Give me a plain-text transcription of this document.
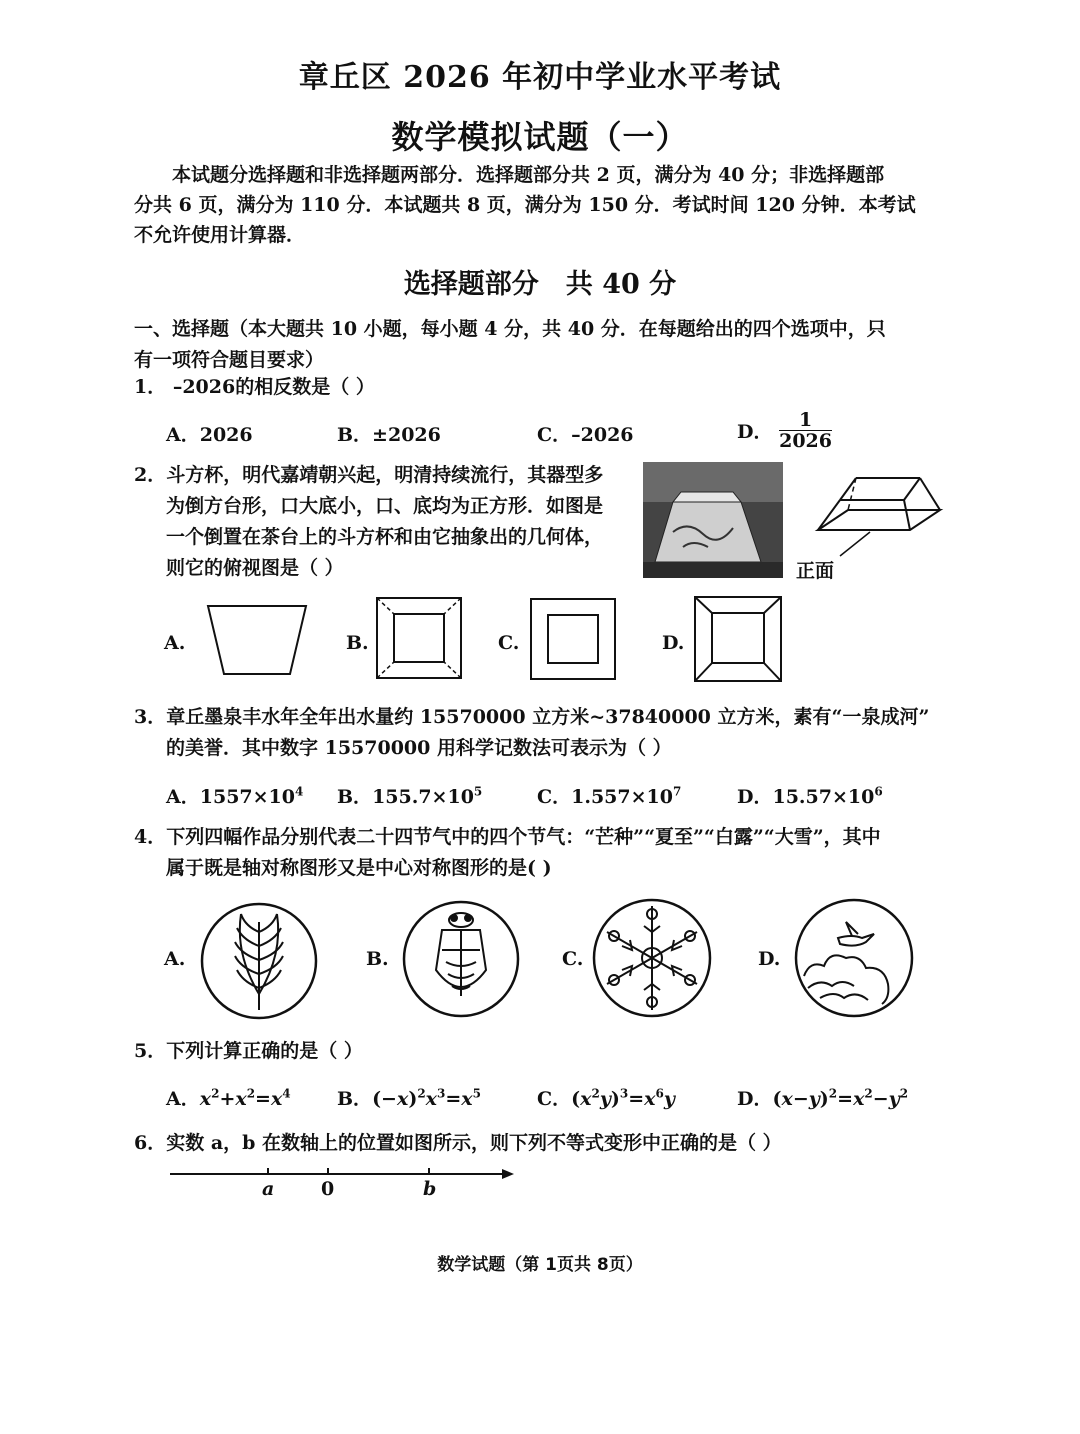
章丘区 2026 年初中学业水平考试
数学模拟试题（一）

本试题分选择题和非选择题两部分．选择题部分共 2 页，满分为 40 分；非选择题部

分共 6 页，满分为 110 分．本试题共 8 页，满分为 150 分．考试时间 120 分钟．本考试
不允许使用计算器．
选择题部分　共 40 分
一、选择题（本大题共 10 小题，每小题 4 分，共 40 分．在每题给出的四个选项中，只
有一项符合题目要求）
1． –2026的相反数是（ ）
A．2026	B．±2026	C．–2026	D． $\frac{1}{2026}$
2．斗方杯，明代嘉靖朝兴起，明清持续流行，其器型多
为倒方台形，口大底小，口、底均为正方形．如图是
一个倒置在茶台上的斗方杯和由它抽象出的几何体，
则它的俯视图是（ ）	正面
A.	B.	C.	D.
3．章丘墨泉丰水年全年出水量约 15570000 立方米~37840000 立方米，素有“一泉成河”
的美誉．其中数字 15570000 用科学记数法可表示为（ ）
A．$1557\times 10^4$ B．$155.7\times 10^5$	C．$1.557\times 10^7$	D．$15.57\times 10^6$
4．下列四幅作品分别代表二十四节气中的四个节气：“芒种”“夏至”“白露”“大雪”，其中
属于既是轴对称图形又是中心对称图形的是( )
A.	B.	C.	D.
5．下列计算正确的是（ ）
A．$x^2+x^2=x^4$ B．$(-x)^2x^3=x^5$	C．$(x^2y)^3=x^6y$	D．$(x-y)^2=x^2-y^2$
6．实数 a，b 在数轴上的位置如图所示，则下列不等式变形中正确的是（ ）
a 0	b
数学试题（第 1页共 8页）
